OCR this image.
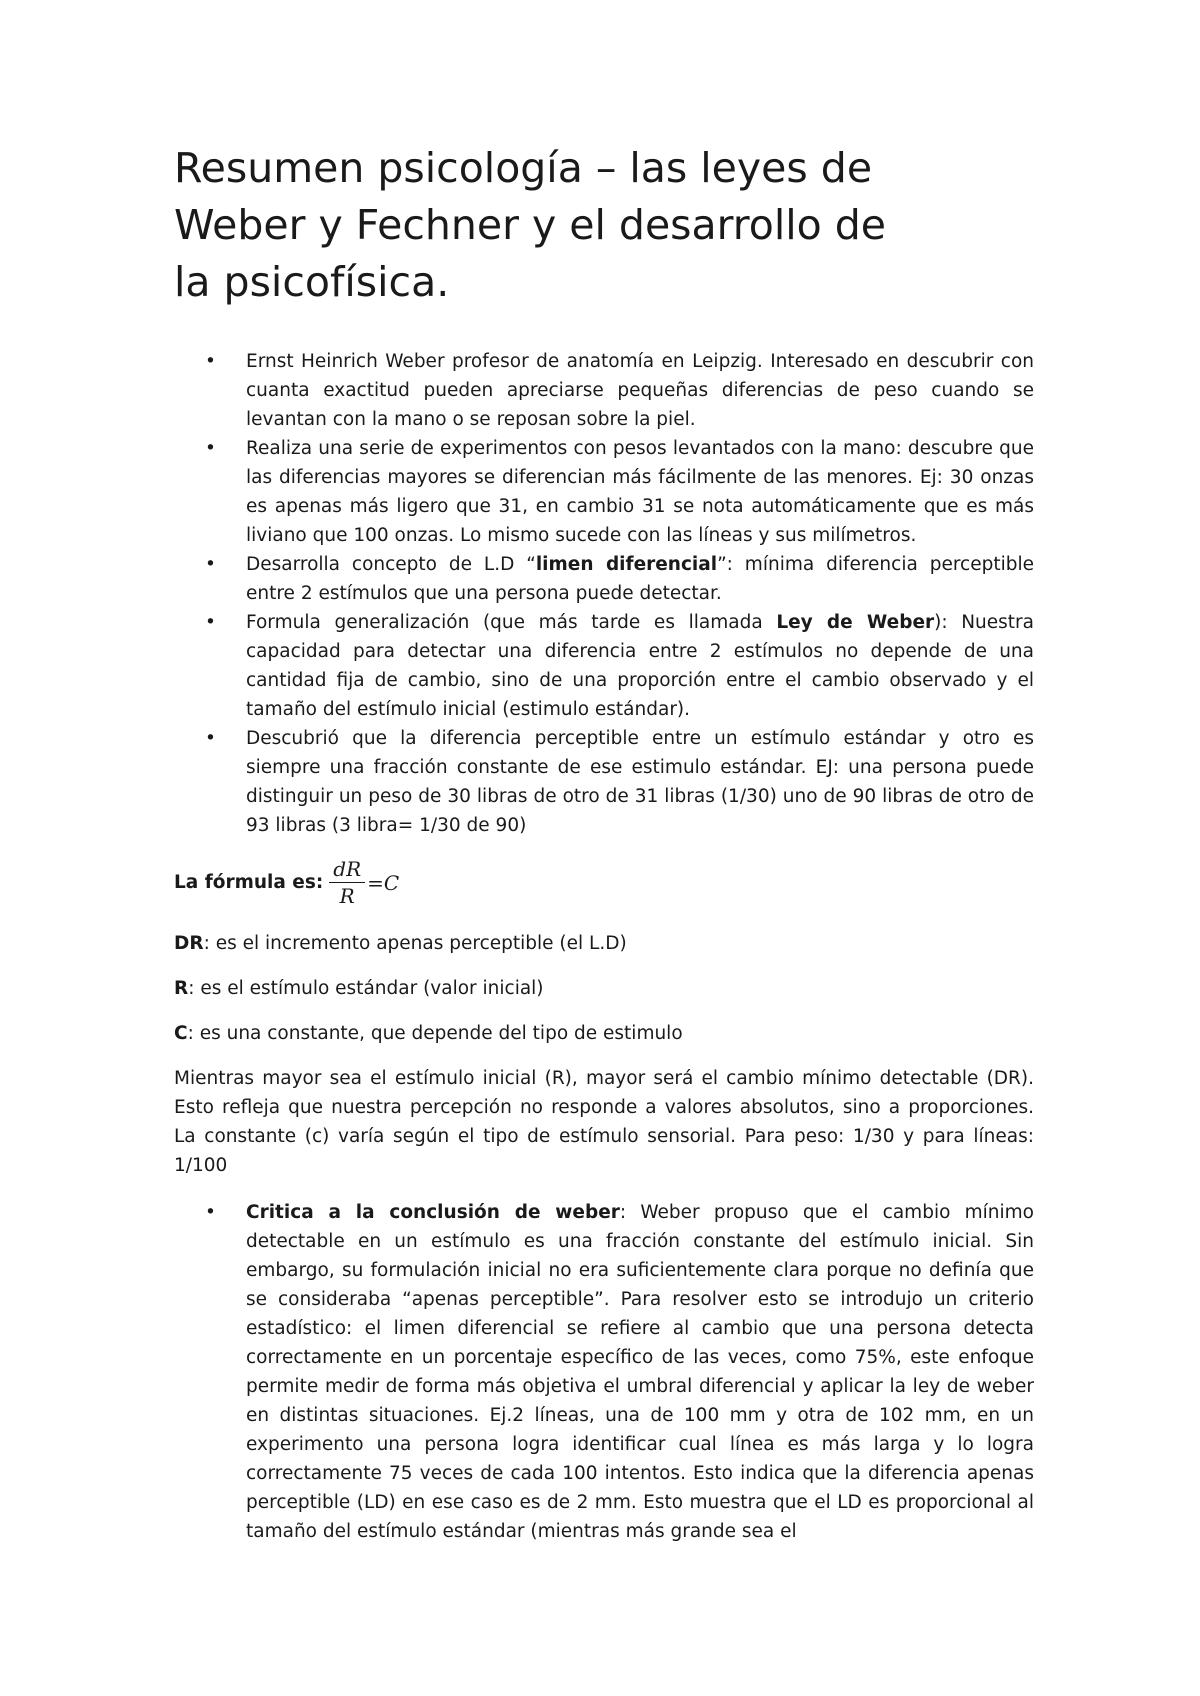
Resumen psicología – las leyes de
Weber y Fechner y el desarrollo de
la psicofísica.
• Ernst Heinrich Weber profesor de anatomía en Leipzig. Interesado en descubrir con cuanta exactitud pueden apreciarse pequeñas diferencias de peso cuando se levantan con la mano o se reposan sobre la piel.
• Realiza una serie de experimentos con pesos levantados con la mano: descubre que las diferencias mayores se diferencian más fácilmente de las menores. Ej: 30 onzas es apenas más ligero que 31, en cambio 31 se nota automáticamente que es más liviano que 100 onzas. Lo mismo sucede con las líneas y sus milímetros.
• Desarrolla concepto de L.D “limen diferencial”: mínima diferencia perceptible entre 2 estímulos que una persona puede detectar.
• Formula generalización (que más tarde es llamada Ley de Weber): Nuestra capacidad para detectar una diferencia entre 2 estímulos no depende de una cantidad fija de cambio, sino de una proporción entre el cambio observado y el tamaño del estímulo inicial (estimulo estándar).
• Descubrió que la diferencia perceptible entre un estímulo estándar y otro es siempre una fracción constante de ese estimulo estándar. EJ: una persona puede distinguir un peso de 30 libras de otro de 31 libras (1/30) uno de 90 libras de otro de 93 libras (3 libra= 1/30 de 90)
La fórmula es: $\frac{dR}{R} =C$

DR: es el incremento apenas perceptible (el L.D)

R: es el estímulo estándar (valor inicial)

C: es una constante, que depende del tipo de estimulo

Mientras mayor sea el estímulo inicial (R), mayor será el cambio mínimo detectable (DR). Esto refleja que nuestra percepción no responde a valores absolutos, sino a proporciones. La constante (c) varía según el tipo de estímulo sensorial. Para peso: 1/30 y para líneas: 1/100

• Critica a la conclusión de weber: Weber propuso que el cambio mínimo detectable en un estímulo es una fracción constante del estímulo inicial. Sin embargo, su formulación inicial no era suficientemente clara porque no definía que se consideraba “apenas perceptible”. Para resolver esto se introdujo un criterio estadístico: el limen diferencial se refiere al cambio que una persona detecta correctamente en un porcentaje específico de las veces, como 75%, este enfoque permite medir de forma más objetiva el umbral diferencial y aplicar la ley de weber en distintas situaciones. Ej.2 líneas, una de 100 mm y otra de 102 mm, en un experimento una persona logra identificar cual línea es más larga y lo logra correctamente 75 veces de cada 100 intentos. Esto indica que la diferencia apenas perceptible (LD) en ese caso es de 2 mm. Esto muestra que el LD es proporcional al tamaño del estímulo estándar (mientras más grande sea el
